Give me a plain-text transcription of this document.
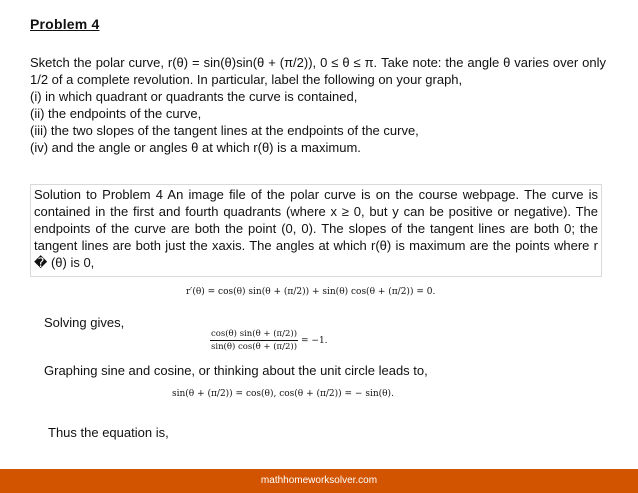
Problem 4
Sketch the polar curve, r(θ) = sin(θ)sin(θ + (π/2)), 0 ≤ θ ≤ π. Take note: the angle θ varies over only 1/2 of a complete revolution. In particular, label the following on your graph,
(i) in which quadrant or quadrants the curve is contained,
(ii) the endpoints of the curve,
(iii) the two slopes of the tangent lines at the endpoints of the curve,
(iv) and the angle or angles θ at which r(θ) is a maximum.
Solution to Problem 4 An image file of the polar curve is on the course webpage. The curve is contained in the first and fourth quadrants (where x ≥ 0, but y can be positive or negative). The endpoints of the curve are both the point (0, 0). The slopes of the tangent lines are both 0; the tangent lines are both just the xaxis. The angles at which r(θ) is maximum are the points where r� (θ) is 0,
r′(θ) = cos(θ) sin(θ + (π/2)) + sin(θ) cos(θ + (π/2)) = 0.
Solving gives,
$\frac{\cos(\theta) \sin(\theta + (\pi/2))}{\sin(\theta) \cos(\theta + (\pi/2))} = -1$.
Graphing sine and cosine, or thinking about the unit circle leads to,
sin(θ + (π/2)) = cos(θ), cos(θ + (π/2)) = − sin(θ).
Thus the equation is,
mathhomeworksolver.com
